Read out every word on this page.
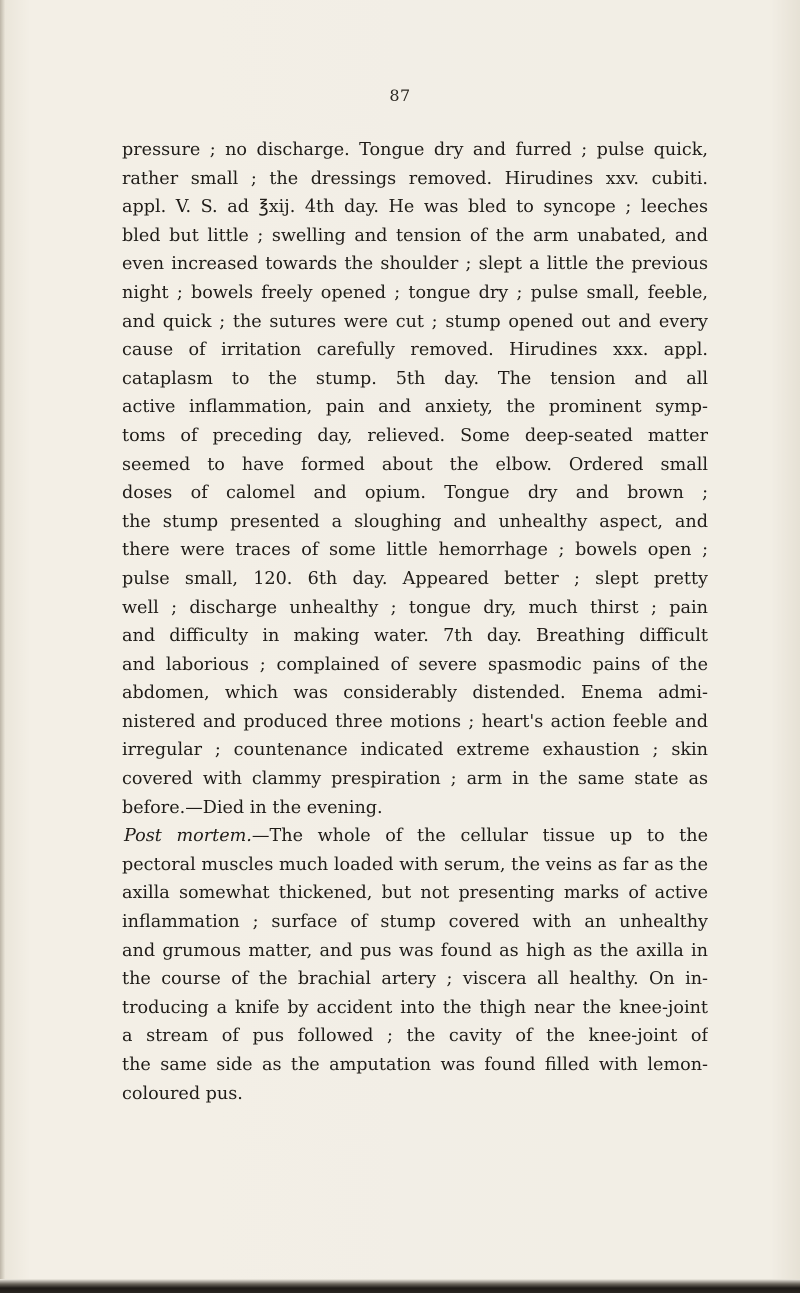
87
pressure ; no discharge. Tongue dry and furred ; pulse quick,
rather small ; the dressings removed. Hirudines xxv. cubiti.
appl. V. S. ad ℥xij. 4th day. He was bled to syncope ; leeches
bled but little ; swelling and tension of the arm unabated, and
even increased towards the shoulder ; slept a little the previous
night ; bowels freely opened ; tongue dry ; pulse small, feeble,
and quick ; the sutures were cut ; stump opened out and every
cause of irritation carefully removed. Hirudines xxx. appl.
cataplasm to the stump. 5th day. The tension and all
active inflammation, pain and anxiety, the prominent symp-
toms of preceding day, relieved. Some deep-seated matter
seemed to have formed about the elbow. Ordered small
doses of calomel and opium. Tongue dry and brown ;
the stump presented a sloughing and unhealthy aspect, and
there were traces of some little hemorrhage ; bowels open ;
pulse small, 120. 6th day. Appeared better ; slept pretty
well ; discharge unhealthy ; tongue dry, much thirst ; pain
and difficulty in making water. 7th day. Breathing difficult
and laborious ; complained of severe spasmodic pains of the
abdomen, which was considerably distended. Enema admi-
nistered and produced three motions ; heart's action feeble and
irregular ; countenance indicated extreme exhaustion ; skin
covered with clammy prespiration ; arm in the same state as
before.—Died in the evening.
Post mortem.—The whole of the cellular tissue up to the
pectoral muscles much loaded with serum, the veins as far as the
axilla somewhat thickened, but not presenting marks of active
inflammation ; surface of stump covered with an unhealthy
and grumous matter, and pus was found as high as the axilla in
the course of the brachial artery ; viscera all healthy. On in-
troducing a knife by accident into the thigh near the knee-joint
a stream of pus followed ; the cavity of the knee-joint of
the same side as the amputation was found filled with lemon-
coloured pus.
